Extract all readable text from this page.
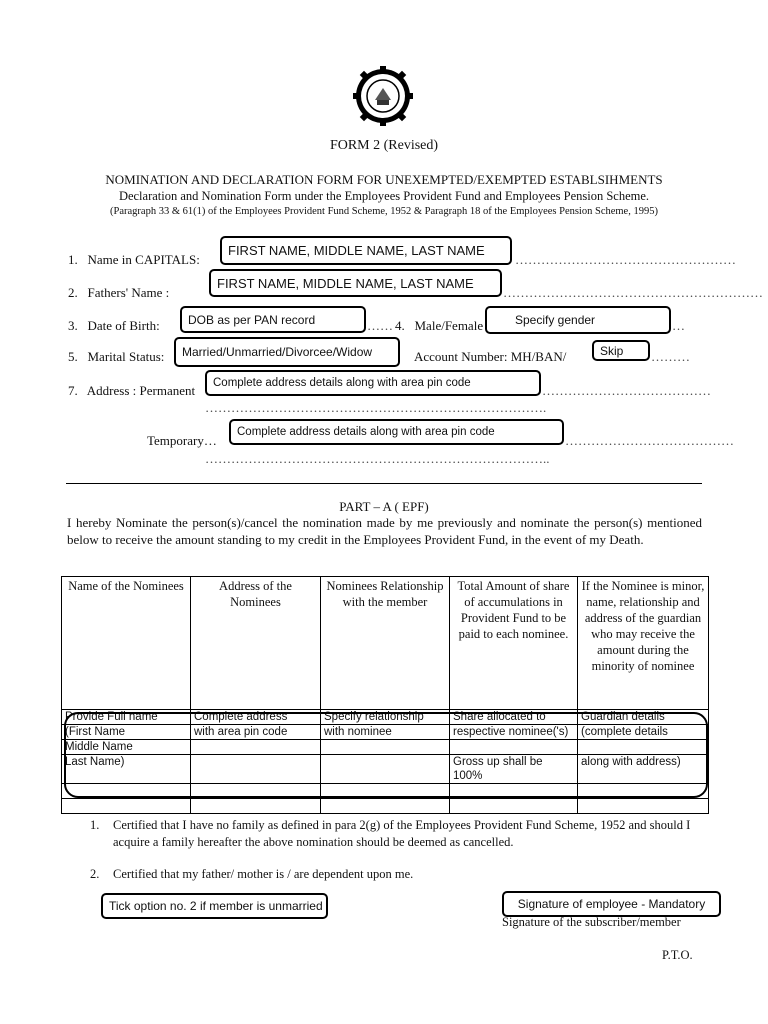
FORM 2 (Revised)
NOMINATION AND DECLARATION FORM FOR UNEXEMPTED/EXEMPTED ESTABLSIHMENTS
Declaration and Nomination Form under the Employees Provident Fund and Employees Pension Scheme.
(Paragraph 33 & 61(1) of the Employees Provident Fund Scheme, 1952 & Paragraph 18 of the Employees Pension Scheme, 1995)
1. Name in CAPITALS:	……………………………………………
FIRST NAME, MIDDLE NAME, LAST NAME
2. Fathers' Name :	……………………………………………………
FIRST NAME, MIDDLE NAME, LAST NAME
3. Date of Birth:	DOB as per PAN record	…… 4. Male/Female	Specify gender	…
5. Marital Status:	Married/Unmarried/Divorcee/Widow	Account Number: MH/BAN/	Skip	………
7. Address : Permanent	Complete address details along with area pin code	…………………………………
…………………………………………………………………….
Temporary…
Complete address details along with area pin code
…………………………………
……………………………………………………………………..
PART – A ( EPF)
I hereby Nominate the person(s)/cancel the nomination made by me previously and nominate the person(s) mentioned below to receive the amount standing to my credit in the Employees Provident Fund, in the event of my Death.
Name of the Nominees	Address of the Nominees	Nominees Relationship with the member	Total Amount of share of accumulations in Provident Fund to be paid to each nominee.	If the Nominee is minor, name, relationship and address of the guardian who may receive the amount during the minority of nominee
Provide Full name	Complete address	Specify relationship	Share allocated to	Guardian details
(First Name	with area pin code	with nominee	respective nominee('s)	(complete details
Middle Name				
Last Name)			Gross up shall be 100%	along with address)

1. Certified that I have no family as defined in para 2(g) of the Employees Provident Fund Scheme, 1952 and should I acquire a family hereafter the above nomination should be deemed as cancelled.
2. Certified that my father/ mother is / are dependent upon me.
Tick option no. 2 if member is unmarried	Signature of employee - Mandatory
Signature of the subscriber/member
P.T.O.
